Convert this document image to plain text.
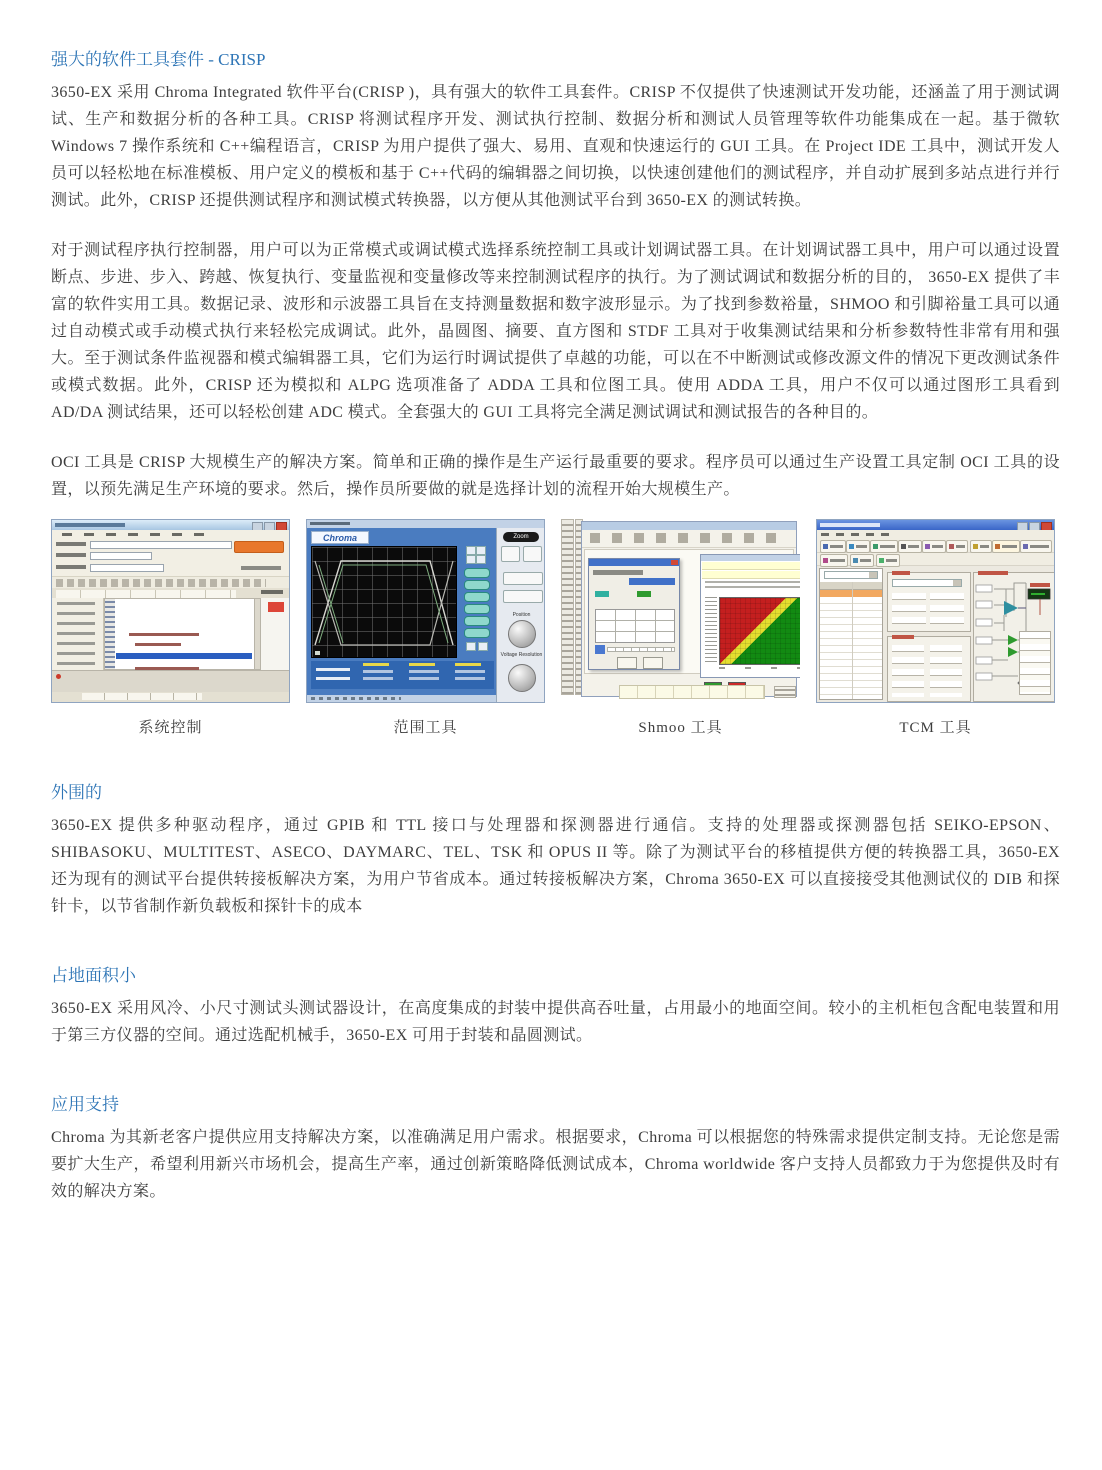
强大的软件工具套件 - CRISP

3650-EX 采用 Chroma Integrated 软件平台(CRISP )，具有强大的软件工具套件。CRISP 不仅提供了快速测试开发功能，还涵盖了用于测试调试、生产和数据分析的各种工具。CRISP 将测试程序开发、测试执行控制、数据分析和测试人员管理等软件功能集成在一起。基于微软 Windows 7 操作系统和 C++编程语言，CRISP 为用户提供了强大、易用、直观和快速运行的 GUI 工具。在 Project IDE 工具中，测试开发人员可以轻松地在标准模板、用户定义的模板和基于 C++代码的编辑器之间切换，以快速创建他们的测试程序，并自动扩展到多站点进行并行测试。此外，CRISP 还提供测试程序和测试模式转换器，以方便从其他测试平台到 3650-EX 的测试转换。

对于测试程序执行控制器，用户可以为正常模式或调试模式选择系统控制工具或计划调试器工具。在计划调试器工具中，用户可以通过设置断点、步进、步入、跨越、恢复执行、变量监视和变量修改等来控制测试程序的执行。为了测试调试和数据分析的目的， 3650-EX 提供了丰富的软件实用工具。数据记录、波形和示波器工具旨在支持测量数据和数字波形显示。为了找到参数裕量，SHMOO 和引脚裕量工具可以通过自动模式或手动模式执行来轻松完成调试。此外，晶圆图、摘要、直方图和 STDF 工具对于收集测试结果和分析参数特性非常有用和强大。至于测试条件监视器和模式编辑器工具，它们为运行时调试提供了卓越的功能，可以在不中断测试或修改源文件的情况下更改测试条件或模式数据。此外，CRISP 还为模拟和 ALPG 选项准备了 ADDA 工具和位图工具。使用 ADDA 工具，用户不仅可以通过图形工具看到 AD/DA 测试结果，还可以轻松创建 ADC 模式。全套强大的 GUI 工具将完全满足测试调试和测试报告的各种目的。

OCI 工具是 CRISP 大规模生产的解决方案。简单和正确的操作是生产运行最重要的要求。程序员可以通过生产设置工具定制 OCI 工具的设置，以预先满足生产环境的要求。然后，操作员所要做的就是选择计划的流程开始大规模生产。

系统控制
Chroma	Zoom
Position
Voltage Resolution
范围工具	Shmoo 工具	TCM 工具
外围的

3650-EX 提供多种驱动程序，通过 GPIB 和 TTL 接口与处理器和探测器进行通信。支持的处理器或探测器包括 SEIKO-EPSON、SHIBASOKU、MULTITEST、ASECO、DAYMARC、TEL、TSK 和 OPUS II 等。除了为测试平台的移植提供方便的转换器工具，3650-EX 还为现有的测试平台提供转接板解决方案，为用户节省成本。通过转接板解决方案，Chroma 3650-EX 可以直接接受其他测试仪的 DIB 和探针卡，以节省制作新负载板和探针卡的成本

占地面积小

3650-EX 采用风冷、小尺寸测试头测试器设计，在高度集成的封装中提供高吞吐量，占用最小的地面空间。较小的主机柜包含配电装置和用于第三方仪器的空间。通过选配机械手，3650-EX 可用于封装和晶圆测试。

应用支持

Chroma 为其新老客户提供应用支持解决方案，以准确满足用户需求。根据要求，Chroma 可以根据您的特殊需求提供定制支持。无论您是需要扩大生产，希望利用新兴市场机会，提高生产率，通过创新策略降低测试成本，Chroma worldwide 客户支持人员都致力于为您提供及时有效的解决方案。
